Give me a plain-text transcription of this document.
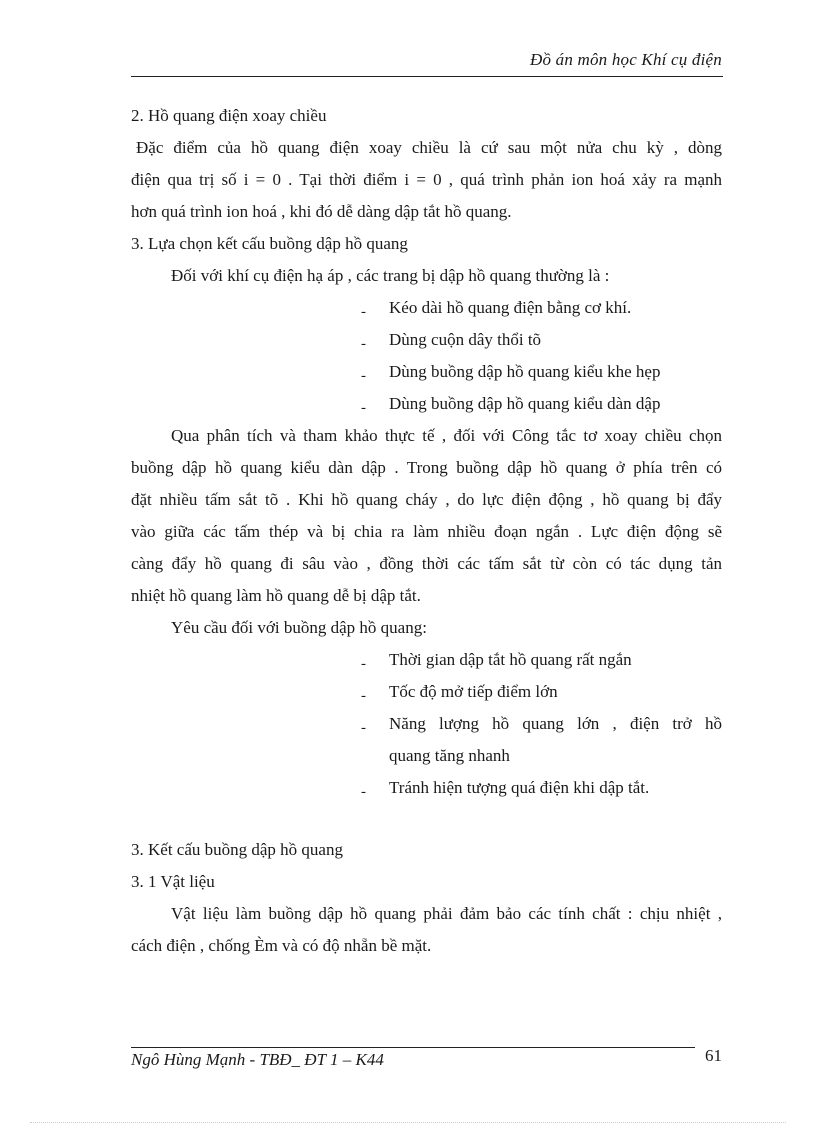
Đồ án môn học Khí cụ điện
2. Hồ quang điện xoay chiều
Đặc điểm của hồ quang điện xoay chiều là cứ sau một nửa chu kỳ , dòng
điện qua trị số i = 0 . Tại thời điểm i = 0 , quá trình phản ion hoá xảy ra mạnh
hơn quá trình ion hoá , khi đó dễ dàng dập tắt hồ quang.
3. Lựa chọn kết cấu buồng dập hồ quang
Đối với khí cụ điện hạ áp , các trang bị dập hồ quang thường là :
- Kéo dài hồ quang điện bằng cơ khí.
- Dùng cuộn dây thổi tõ
- Dùng buồng dập hồ quang kiểu khe hẹp
- Dùng buồng dập hồ quang kiểu dàn dập
Qua phân tích và tham khảo thực tế , đối với Công tắc tơ xoay chiều chọn
buồng dập hồ quang kiểu dàn dập . Trong buồng dập hồ quang ở phía trên có
đặt nhiều tấm sắt tõ . Khi hồ quang cháy , do lực điện động , hồ quang bị đẩy
vào giữa các tấm thép và bị chia ra làm nhiều đoạn ngắn . Lực điện động sẽ
càng đẩy hồ quang đi sâu vào , đồng thời các tấm sắt từ còn có tác dụng tản
nhiệt hồ quang làm hồ quang dễ bị dập tắt.
Yêu cầu đối với buồng dập hồ quang:
- Thời gian dập tắt hồ quang rất ngắn
- Tốc độ mở tiếp điểm lớn
-	Năng lượng hồ quang lớn , điện trở hồ
quang tăng nhanh
- Tránh hiện tượng quá điện khi dập tắt.
3. Kết cấu buồng dập hồ quang
3. 1 Vật liệu
Vật liệu làm buồng dập hồ quang phải đảm bảo các tính chất : chịu nhiệt ,
cách điện , chống Èm và có độ nhẵn bề mặt.
Ngô Hùng Mạnh - TBĐ_ ĐT 1 – K44	61
